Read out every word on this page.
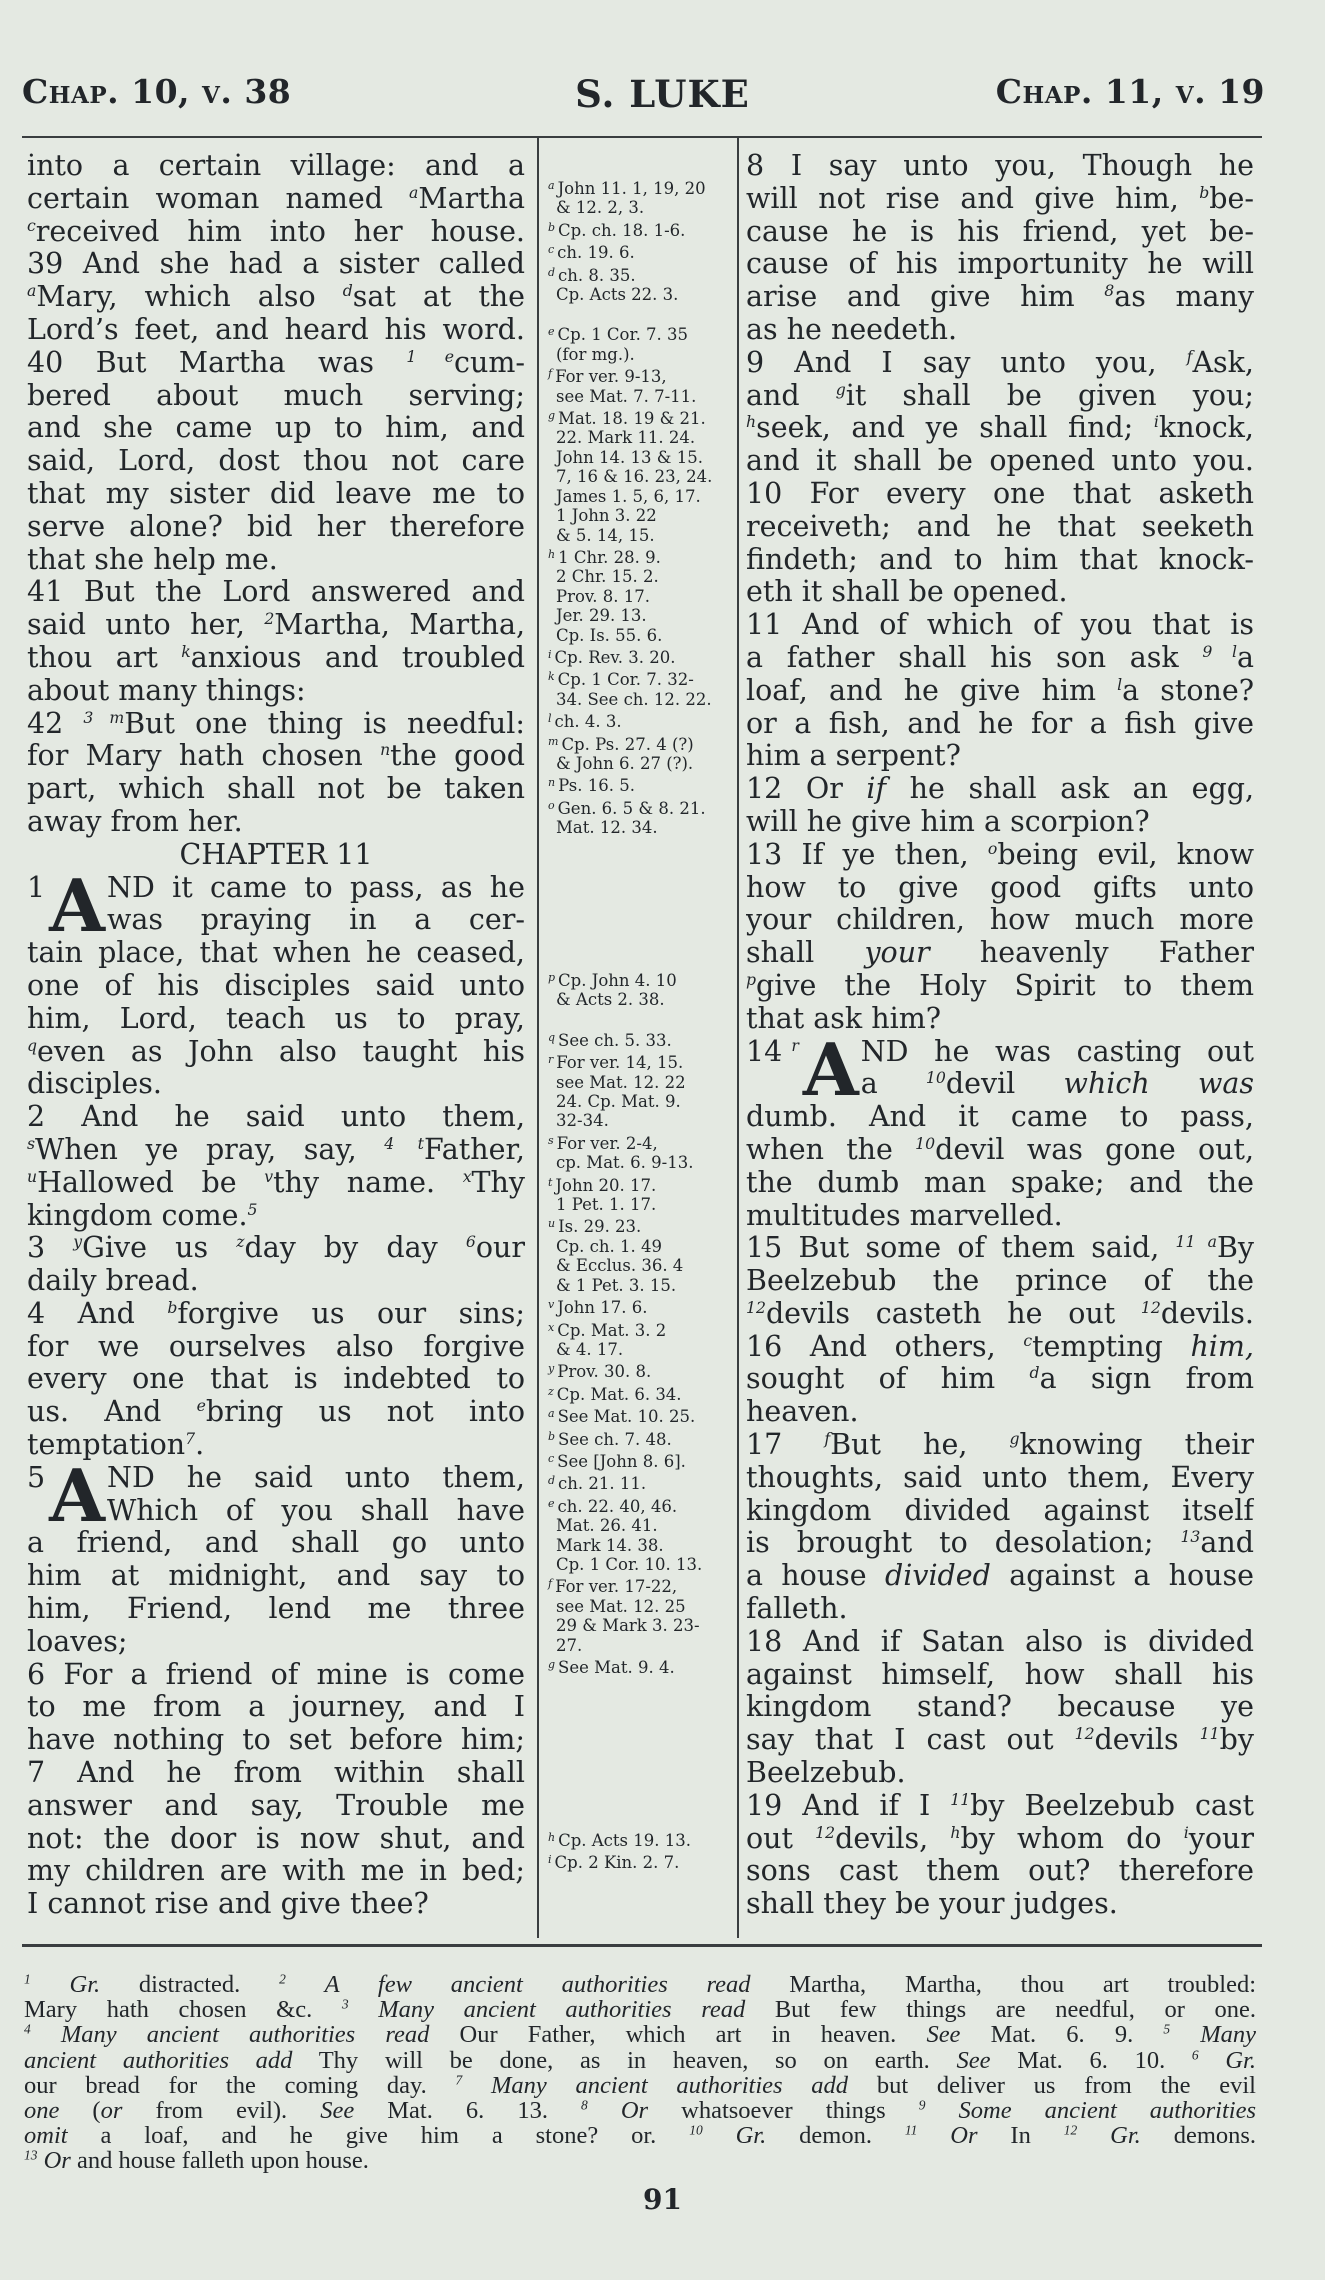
Chap. 10, v. 38	S. LUKE	Chap. 11, v. 19
into a certain village: and a
certain woman named $^a$Martha
$^c$received him into her house.
39 And she had a sister called
$^a$Mary, which also $^d$sat at the
Lord’s feet, and heard his word.
40 But Martha was $^{1 e}$cum-
bered about much serving;
and she came up to him, and
said, Lord, dost thou not care
that my sister did leave me to
serve alone? bid her therefore
that she help me.
41 But the Lord answered and
said unto her, $^2$Martha, Martha,
thou art $^k$anxious and troubled
about many things:
42 $^{3 m}$But one thing is needful:
for Mary hath chosen $^n$the good
part, which shall not be taken
away from her.
CHAPTER 11
1 A ND it came to pass, as he
was praying in a cer-
tain place, that when he ceased,
one of his disciples said unto
him, Lord, teach us to pray,
$^q$even as John also taught his
disciples.
2 And he said unto them,
$^s$When ye pray, say, $^{4 t}$Father,
$^u$Hallowed be $^v$thy name. $^x$Thy
kingdom come.$^5$
3 $^y$Give us $^z$day by day $^6$our
daily bread.
4 And $^b$forgive us our sins;
for we ourselves also forgive
every one that is indebted to
us. And $^e$bring us not into
temptation$^7$.
5 A ND he said unto them,
Which of you shall have
a friend, and shall go unto
him at midnight, and say to
him, Friend, lend me three
loaves;
6 For a friend of mine is come
to me from a journey, and I
have nothing to set before him;
7 And he from within shall
answer and say, Trouble me
not: the door is now shut, and
my children are with me in bed;
I cannot rise and give thee?
8 I say unto you, Though he
will not rise and give him, $^b$be-
cause he is his friend, yet be-
cause of his importunity he will
arise and give him $^8$as many
as he needeth.
9 And I say unto you, $^f$Ask,
and $^g$it shall be given you;
$^h$seek, and ye shall find; $^i$knock,
and it shall be opened unto you.
10 For every one that asketh
receiveth; and he that seeketh
findeth; and to him that knock-
eth it shall be opened.
11 And of which of you that is
a father shall his son ask $^{9 l}$a
loaf, and he give him $^l$a stone?
or a fish, and he for a fish give
him a serpent?
12 Or if he shall ask an egg,
will he give him a scorpion?
13 If ye then, $^o$being evil, know
how to give good gifts unto
your children, how much more
shall your heavenly Father
$^p$give the Holy Spirit to them
that ask him?
14 $^r$ A ND he was casting out
a $^{10}$devil which was
dumb. And it came to pass,
when the $^{10}$devil was gone out,
the dumb man spake; and the
multitudes marvelled.
15 But some of them said, $^{11 a}$By
Beelzebub the prince of the
$^{12}$devils casteth he out $^{12}$devils.
16 And others, $^c$tempting him,
sought of him $^d$a sign from
heaven.
17 $^f$But he, $^g$knowing their
thoughts, said unto them, Every
kingdom divided against itself
is brought to desolation; $^{13}$and
a house divided against a house
falleth.
18 And if Satan also is divided
against himself, how shall his
kingdom stand? because ye
say that I cast out $^{12}$devils $^{11}$by
Beelzebub.
19 And if I $^{11}$by Beelzebub cast
out $^{12}$devils, $^h$by whom do $^i$your
sons cast them out? therefore
shall they be your judges.
$^a$ John 11. 1, 19, 20
& 12. 2, 3.
$^b$ Cp. ch. 18. 1-6.
$^c$ ch. 19. 6.
$^d$ ch. 8. 35.
Cp. Acts 22. 3.
$^e$ Cp. 1 Cor. 7. 35
(for mg.).
$^f$ For ver. 9-13,
see Mat. 7. 7-11.
$^g$ Mat. 18. 19 & 21.
22. Mark 11. 24.
John 14. 13 & 15.
7, 16 & 16. 23, 24.
James 1. 5, 6, 17.
1 John 3. 22
& 5. 14, 15.
$^h$ 1 Chr. 28. 9.
2 Chr. 15. 2.
Prov. 8. 17.
Jer. 29. 13.
Cp. Is. 55. 6.
$^i$ Cp. Rev. 3. 20.
$^k$ Cp. 1 Cor. 7. 32-
34. See ch. 12. 22.
$^l$ ch. 4. 3.
$^m$ Cp. Ps. 27. 4 (?)
& John 6. 27 (?).
$^n$ Ps. 16. 5.
$^o$ Gen. 6. 5 & 8. 21.
Mat. 12. 34.
$^p$ Cp. John 4. 10
& Acts 2. 38.
$^q$ See ch. 5. 33.
$^r$ For ver. 14, 15.
see Mat. 12. 22
24. Cp. Mat. 9.
32-34.
$^s$ For ver. 2-4,
cp. Mat. 6. 9-13.
$^t$ John 20. 17.
1 Pet. 1. 17.
$^u$ Is. 29. 23.
Cp. ch. 1. 49
& Ecclus. 36. 4
& 1 Pet. 3. 15.
$^v$ John 17. 6.
$^x$ Cp. Mat. 3. 2
& 4. 17.
$^y$ Prov. 30. 8.
$^z$ Cp. Mat. 6. 34.
$^a$ See Mat. 10. 25.
$^b$ See ch. 7. 48.
$^c$ See [John 8. 6].
$^d$ ch. 21. 11.
$^e$ ch. 22. 40, 46.
Mat. 26. 41.
Mark 14. 38.
Cp. 1 Cor. 10. 13.
$^f$ For ver. 17-22,
see Mat. 12. 25
29 & Mark 3. 23-
27.
$^g$ See Mat. 9. 4.
$^h$ Cp. Acts 19. 13.
$^i$ Cp. 2 Kin. 2. 7.
$^1$ Gr. distracted.	$^2$ A few ancient authorities read Martha, Martha, thou art troubled:
Mary hath chosen &c. $^3$ Many ancient authorities read But few things are needful, or one.
$^4$ Many ancient authorities read Our Father, which art in heaven. See Mat. 6. 9. $^5$ Many
ancient authorities add Thy will be done, as in heaven, so on earth. See Mat. 6. 10. $^6$ Gr.
our bread for the coming day. $^7$ Many ancient authorities add but deliver us from the evil
one (or from evil). See Mat. 6. 13. $^8$ Or whatsoever things $^9$ Some ancient authorities
omit a loaf, and he give him a stone? or. $^{10}$ Gr. demon. $^{11}$ Or In $^{12}$ Gr. demons.
$^{13}$ Or and house falleth upon house.
91
